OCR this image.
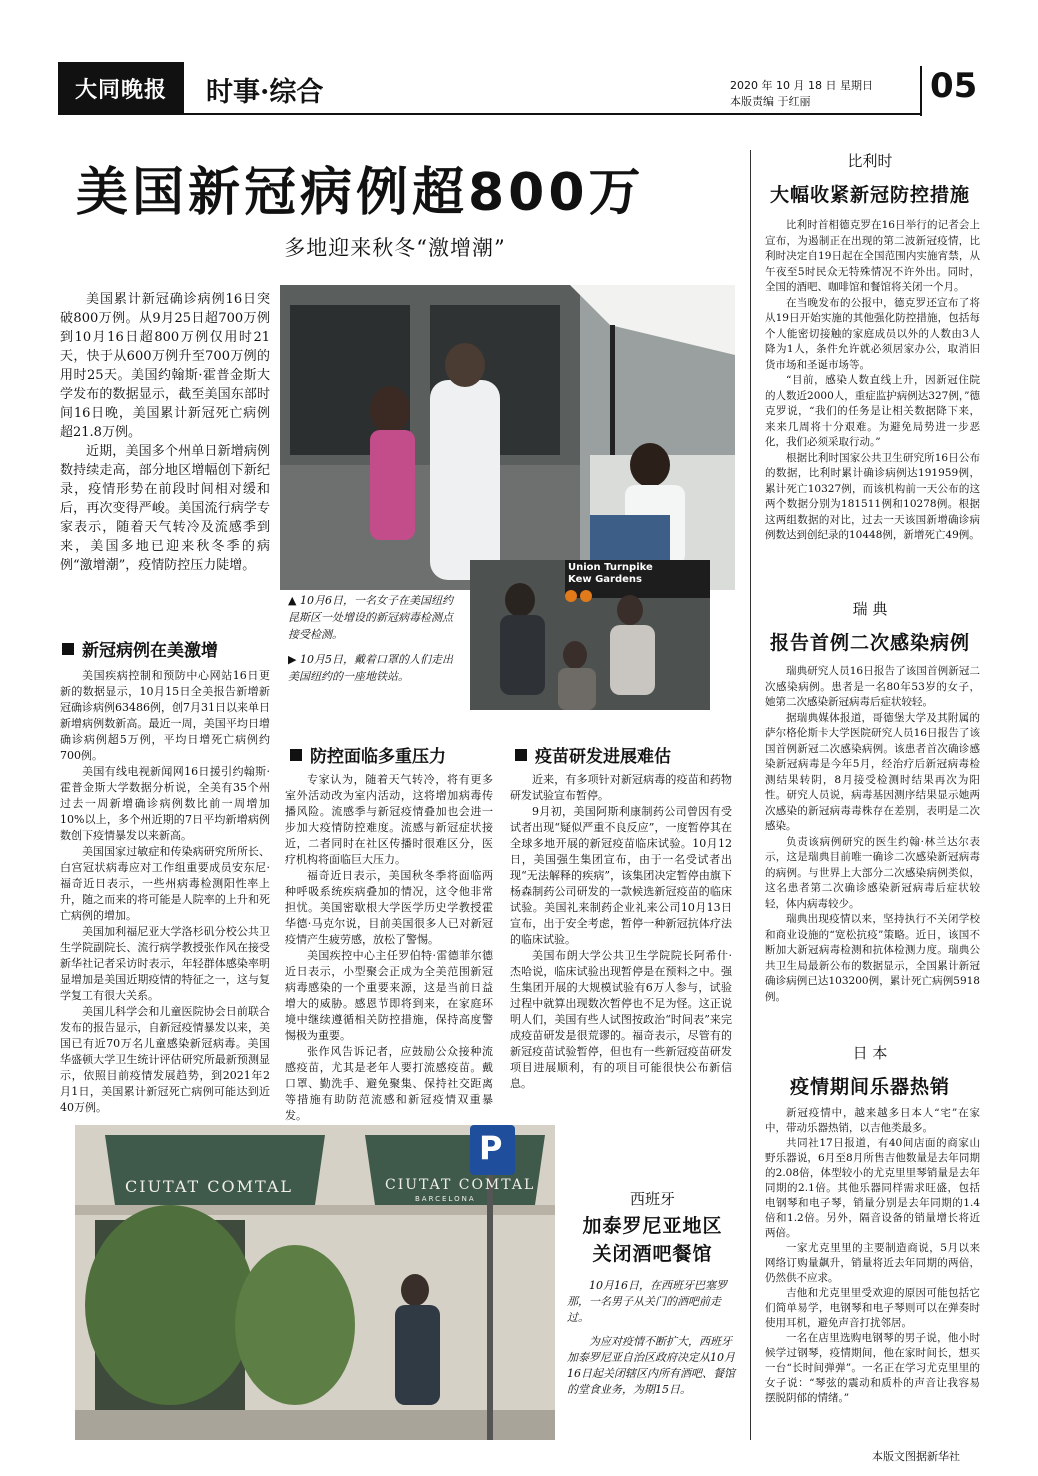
大同晚报	时事·综合	2020 年 10 月 18 日 星期日
本版责编 于红丽	05
美国新冠病例超800万
多地迎来秋冬“激增潮”

美国累计新冠确诊病例16日突破800万例。从9月25日超700万例到10月16日超800万例仅用时21天，快于从600万例升至700万例的用时25天。美国约翰斯·霍普金斯大学发布的数据显示，截至美国东部时间16日晚，美国累计新冠死亡病例超21.8万例。

近期，美国多个州单日新增病例数持续走高，部分地区增幅创下新纪录，疫情形势在前段时间相对缓和后，再次变得严峻。美国流行病学专家表示，随着天气转冷及流感季到来，美国多地已迎来秋冬季的病例“激增潮”，疫情防控压力陡增。

▲ 10月6日，一名女子在美国纽约昆斯区一处增设的新冠病毒检测点接受检测。

▶ 10月5日，戴着口罩的人们走出美国纽约的一座地铁站。

Union Turnpike
Kew Gardens
新冠病例在美激增

美国疾病控制和预防中心网站16日更新的数据显示，10月15日全美报告新增新冠确诊病例63486例，创7月31日以来单日新增病例数新高。最近一周，美国平均日增确诊病例超5万例，平均日增死亡病例约700例。

美国有线电视新闻网16日援引约翰斯·霍普金斯大学数据分析说，全美有35个州过去一周新增确诊病例数比前一周增加10%以上，多个州近期的7日平均新增病例数创下疫情暴发以来新高。

美国国家过敏症和传染病研究所所长、白宫冠状病毒应对工作组重要成员安东尼·福奇近日表示，一些州病毒检测阳性率上升，随之而来的将可能是人院率的上升和死亡病例的增加。

美国加利福尼亚大学洛杉矶分校公共卫生学院副院长、流行病学教授张作风在接受新华社记者采访时表示，年轻群体感染率明显增加是美国近期疫情的特征之一，这与复学复工有很大关系。

美国儿科学会和儿童医院协会日前联合发布的报告显示，自新冠疫情暴发以来，美国已有近70万名儿童感染新冠病毒。美国华盛顿大学卫生统计评估研究所最新预测显示，依照目前疫情发展趋势，到2021年2月1日，美国累计新冠死亡病例可能达到近40万例。

防控面临多重压力

专家认为，随着天气转冷，将有更多室外活动改为室内活动，这将增加病毒传播风险。流感季与新冠疫情叠加也会进一步加大疫情防控难度。流感与新冠症状接近，二者同时在社区传播时很难区分，医疗机构将面临巨大压力。

福奇近日表示，美国秋冬季将面临两种呼吸系统疾病叠加的情况，这令他非常担忧。美国密歇根大学医学历史学教授霍华德·马克尔说，目前美国很多人已对新冠疫情产生疲劳感，放松了警惕。

美国疾控中心主任罗伯特·雷德菲尔德近日表示，小型聚会正成为全美范围新冠病毒感染的一个重要来源，这是当前日益增大的威胁。感恩节即将到来，在家庭环境中继续遵循相关防控措施，保持高度警惕极为重要。

张作风告诉记者，应鼓励公众接种流感疫苗，尤其是老年人要打流感疫苗。戴口罩、勤洗手、避免聚集、保持社交距离等措施有助防范流感和新冠疫情双重暴发。

疫苗研发进展难估

近来，有多项针对新冠病毒的疫苗和药物研发试验宣布暂停。

9月初，美国阿斯利康制药公司曾因有受试者出现“疑似严重不良反应”，一度暂停其在全球多地开展的新冠疫苗临床试验。10月12日，美国强生集团宣布，由于一名受试者出现“无法解释的疾病”，该集团决定暂停由旗下杨森制药公司研发的一款候选新冠疫苗的临床试验。美国礼来制药企业礼来公司10月13日宣布，出于安全考虑，暂停一种新冠抗体疗法的临床试验。

美国布朗大学公共卫生学院院长阿希什·杰哈说，临床试验出现暂停是在预料之中。强生集团开展的大规模试验有6万人参与，试验过程中就算出现数次暂停也不足为怪。这正说明人们，美国有些人试图按政治“时间表”来完成疫苗研发是很荒谬的。福奇表示，尽管有的新冠疫苗试验暂停，但也有一些新冠疫苗研发项目进展顺利，有的项目可能很快公布新信息。

CIUTAT COMTAL	CIUTAT COMTAL
BARCELONA
P
西班牙
加泰罗尼亚地区
关闭酒吧餐馆

10月16日，在西班牙巴塞罗那，一名男子从关门的酒吧前走过。

为应对疫情不断扩大，西班牙加泰罗尼亚自治区政府决定从10月16日起关闭辖区内所有酒吧、餐馆的堂食业务，为期15日。

比利时
大幅收紧新冠防控措施

比利时首相德克罗在16日举行的记者会上宣布，为遏制正在出现的第二波新冠疫情，比利时决定自19日起在全国范围内实施宵禁，从午夜至5时民众无特殊情况不许外出。同时，全国的酒吧、咖啡馆和餐馆将关闭一个月。

在当晚发布的公报中，德克罗还宣布了将从19日开始实施的其他强化防控措施，包括每个人能密切接触的家庭成员以外的人数由3人降为1人，条件允许就必须居家办公，取消旧货市场和圣诞市场等。

“目前，感染人数直线上升，因新冠住院的人数近2000人，重症监护病例达327例，”德克罗说，“我们的任务是让相关数据降下来，来来几周将十分艰难。为避免局势进一步恶化，我们必须采取行动。”

根据比利时国家公共卫生研究所16日公布的数据，比利时累计确诊病例达191959例，累计死亡10327例，而该机构前一天公布的这两个数据分别为181511例和10278例。根据这两组数据的对比，过去一天该国新增确诊病例数达到创纪录的10448例，新增死亡49例。

瑞 典
报告首例二次感染病例

瑞典研究人员16日报告了该国首例新冠二次感染病例。患者是一名80年53岁的女子，她第二次感染新冠病毒后症状较轻。

据瑞典媒体报道，哥德堡大学及其附属的萨尔格伦斯卡大学医院研究人员16日报告了该国首例新冠二次感染病例。该患者首次确诊感染新冠病毒是今年5月，经治疗后新冠病毒检测结果转阴，8月接受检测时结果再次为阳性。研究人员说，病毒基因测序结果显示她两次感染的新冠病毒毒株存在差别，表明是二次感染。

负责该病例研究的医生约翰·林兰达尔表示，这是瑞典目前唯一确诊二次感染新冠病毒的病例。与世界上大部分二次感染病例类似，这名患者第二次确诊感染新冠病毒后症状较轻，体内病毒较少。

瑞典出现疫情以来，坚持执行不关闭学校和商业设施的“宽松抗疫”策略。近日，该国不断加大新冠病毒检测和抗体检测力度。瑞典公共卫生局最新公布的数据显示，全国累计新冠确诊病例已达103200例，累计死亡病例5918例。

日 本
疫情期间乐器热销

新冠疫情中，越来越多日本人“宅”在家中，带动乐器热销，以吉他类最多。

共同社17日报道，有40间店面的商家山野乐器说，6月至8月所售吉他数量是去年同期的2.08倍，体型较小的尤克里里琴销量是去年同期的2.1倍。其他乐器同样需求旺盛，包括电钢琴和电子琴，销量分别是去年同期的1.4倍和1.2倍。另外，隔音设备的销量增长将近两倍。

一家尤克里里的主要制造商说，5月以来网络订购量飙升，销量将近去年同期的两倍，仍然供不应求。

吉他和尤克里里受欢迎的原因可能包括它们简单易学，电钢琴和电子琴则可以在弹奏时使用耳机，避免声音打扰邻居。

一名在店里选购电钢琴的男子说，他小时候学过钢琴，疫情期间，他在家时间长，想买一台“长时间弹弹”。一名正在学习尤克里里的女子说：“琴弦的震动和质朴的声音让我容易摆脱阴郁的情绪。”

本版文图据新华社
